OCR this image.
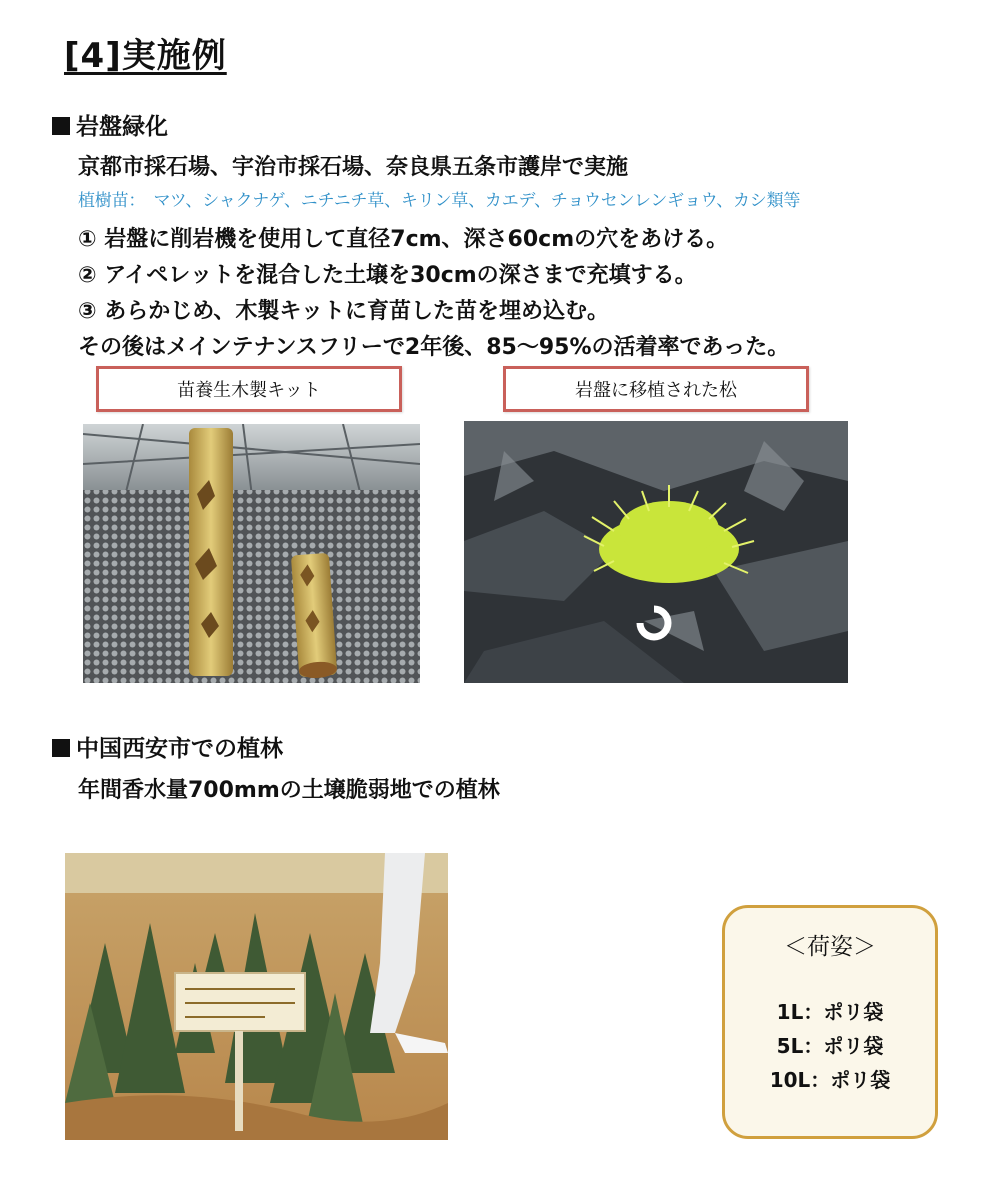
[4]実施例
岩盤緑化
京都市採石場、宇治市採石場、奈良県五条市護岸で実施
植樹苗：　マツ、シャクナゲ、ニチニチ草、キリン草、カエデ、チョウセンレンギョウ、カシ類等
① 岩盤に削岩機を使用して直径7cm、深さ60cmの穴をあける。
② アイペレットを混合した土壌を30cmの深さまで充填する。
③ あらかじめ、木製キットに育苗した苗を埋め込む。
その後はメインテナンスフリーで2年後、85～95%の活着率であった。
苗養生木製キット	岩盤に移植された松
中国西安市での植林
年間香水量700mmの土壌脆弱地での植林
＜荷姿＞
1L：ポリ袋
5L：ポリ袋
10L：ポリ袋
